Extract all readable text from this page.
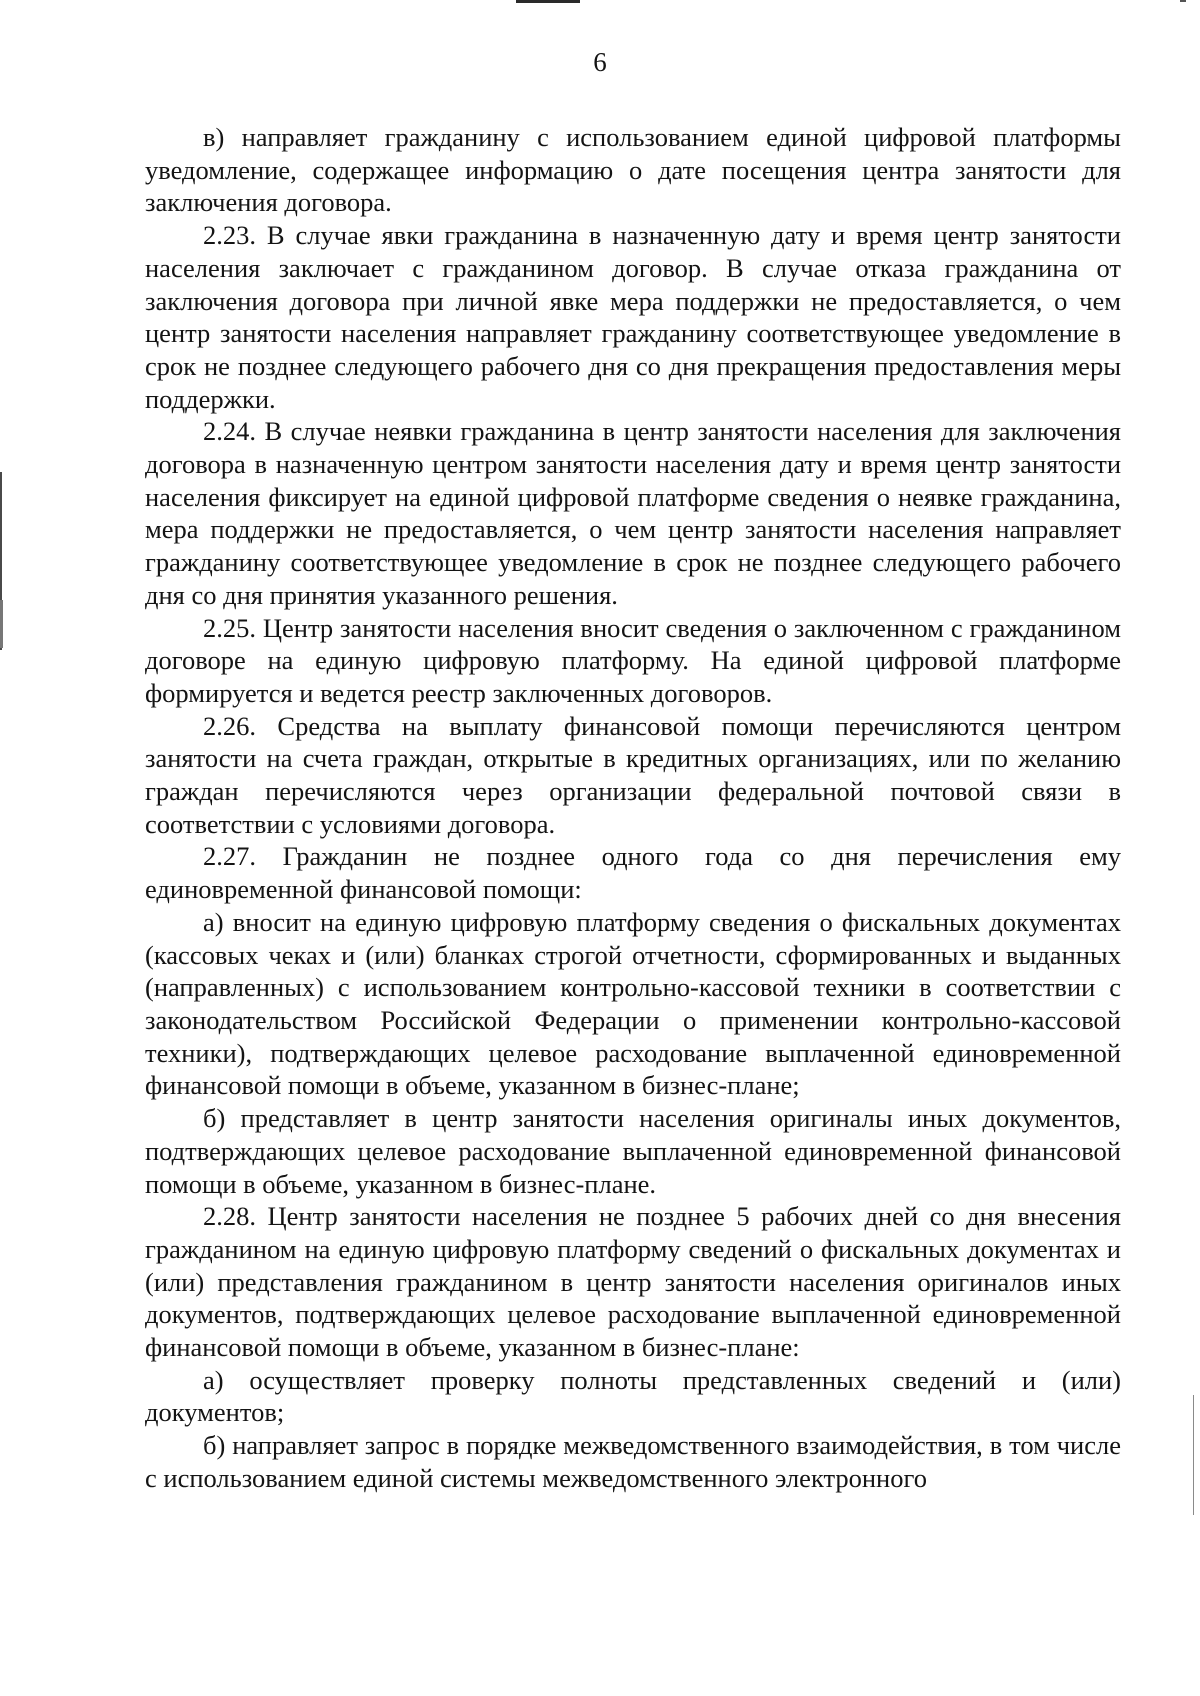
6

в) направляет гражданину с использованием единой цифровой платформы уведомление, содержащее информацию о дате посещения центра занятости для заключения договора.

2.23. В случае явки гражданина в назначенную дату и время центр занятости населения заключает с гражданином договор. В случае отказа гражданина от заключения договора при личной явке мера поддержки не предоставляется, о чем центр занятости населения направляет гражданину соответствующее уведомление в срок не позднее следующего рабочего дня со дня прекращения предоставления меры поддержки.

2.24. В случае неявки гражданина в центр занятости населения для заключения договора в назначенную центром занятости населения дату и время центр занятости населения фиксирует на единой цифровой платформе сведения о неявке гражданина, мера поддержки не предоставляется, о чем центр занятости населения направляет гражданину соответствующее уведомление в срок не позднее следующего рабочего дня со дня принятия указанного решения.

2.25. Центр занятости населения вносит сведения о заключенном с гражданином договоре на единую цифровую платформу. На единой цифровой платформе формируется и ведется реестр заключенных договоров.

2.26. Средства на выплату финансовой помощи перечисляются центром занятости на счета граждан, открытые в кредитных организациях, или по желанию граждан перечисляются через организации федеральной почтовой связи в соответствии с условиями договора.

2.27. Гражданин не позднее одного года со дня перечисления ему единовременной финансовой помощи:

а) вносит на единую цифровую платформу сведения о фискальных документах (кассовых чеках и (или) бланках строгой отчетности, сформированных и выданных (направленных) с использованием контрольно-кассовой техники в соответствии с законодательством Российской Федерации о применении контрольно-кассовой техники), подтверждающих целевое расходование выплаченной единовременной финансовой помощи в объеме, указанном в бизнес-плане;

б) представляет в центр занятости населения оригиналы иных документов, подтверждающих целевое расходование выплаченной единовременной финансовой помощи в объеме, указанном в бизнес-плане.

2.28. Центр занятости населения не позднее 5 рабочих дней со дня внесения гражданином на единую цифровую платформу сведений о фискальных документах и (или) представления гражданином в центр занятости населения оригиналов иных документов, подтверждающих целевое расходование выплаченной единовременной финансовой помощи в объеме, указанном в бизнес-плане:

а) осуществляет проверку полноты представленных сведений и (или) документов;

б) направляет запрос в порядке межведомственного взаимодействия, в том числе с использованием единой системы межведомственного электронного
